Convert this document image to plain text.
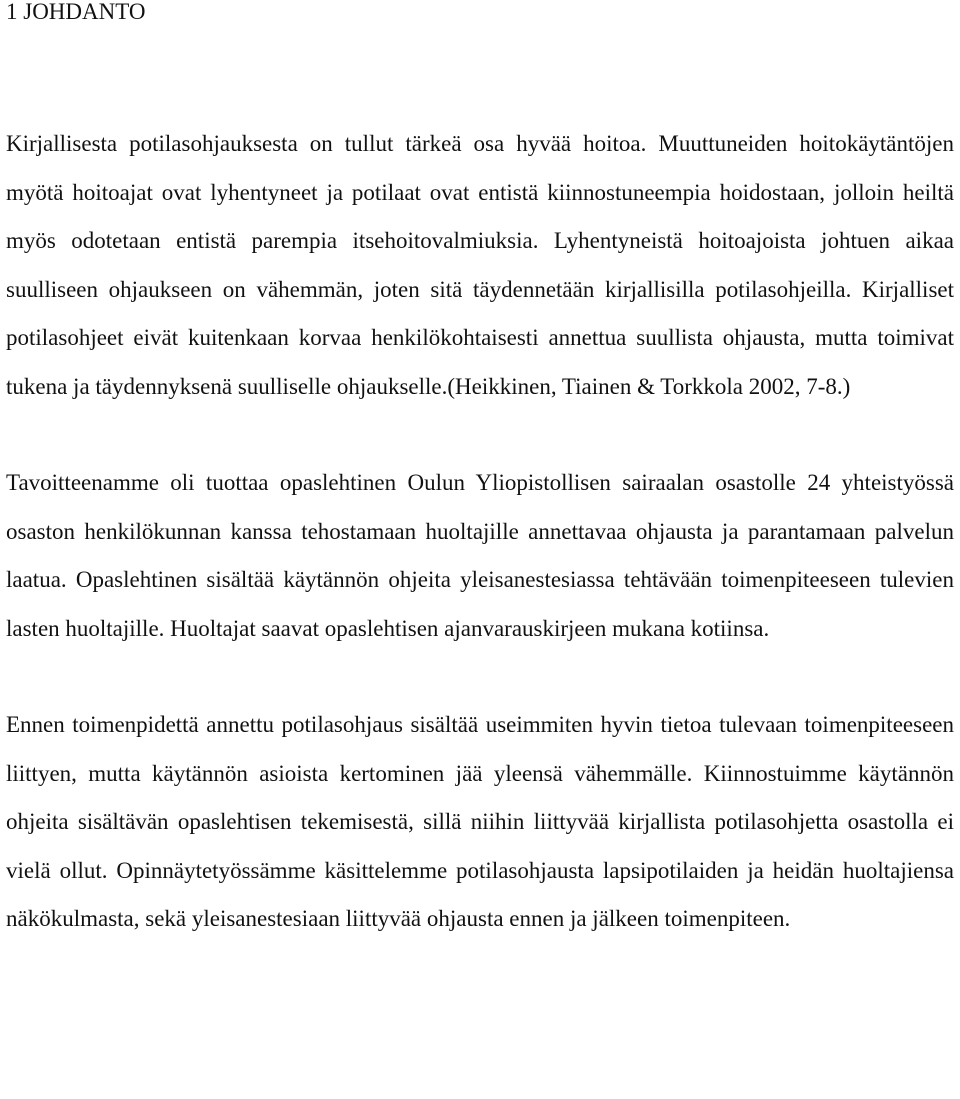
1 JOHDANTO

Kirjallisesta potilasohjauksesta on tullut tärkeä osa hyvää hoitoa. Muuttuneiden hoitokäytäntöjen myötä hoitoajat ovat lyhentyneet ja potilaat ovat entistä kiinnostuneempia hoidostaan, jolloin heiltä myös odotetaan entistä parempia itsehoitovalmiuksia. Lyhentyneistä hoitoajoista johtuen aikaa suulliseen ohjaukseen on vähemmän, joten sitä täydennetään kirjallisilla potilasohjeilla. Kirjalliset potilasohjeet eivät kuitenkaan korvaa henkilökohtaisesti annettua suullista ohjausta, mutta toimivat tukena ja täydennyksenä suulliselle ohjaukselle.(Heikkinen, Tiainen & Torkkola 2002, 7-8.)

Tavoitteenamme oli tuottaa opaslehtinen Oulun Yliopistollisen sairaalan osastolle 24 yhteistyössä osaston henkilökunnan kanssa tehostamaan huoltajille annettavaa ohjausta ja parantamaan palvelun laatua. Opaslehtinen sisältää käytännön ohjeita yleisanestesiassa tehtävään toimenpiteeseen tulevien lasten huoltajille. Huoltajat saavat opaslehtisen ajanvarauskirjeen mukana kotiinsa.

Ennen toimenpidettä annettu potilasohjaus sisältää useimmiten hyvin tietoa tulevaan toimenpiteeseen liittyen, mutta käytännön asioista kertominen jää yleensä vähemmälle. Kiinnostuimme käytännön ohjeita sisältävän opaslehtisen tekemisestä, sillä niihin liittyvää kirjallista potilasohjetta osastolla ei vielä ollut. Opinnäytetyössämme käsittelemme potilasohjausta lapsipotilaiden ja heidän huoltajiensa näkökulmasta, sekä yleisanestesiaan liittyvää ohjausta ennen ja jälkeen toimenpiteen.
